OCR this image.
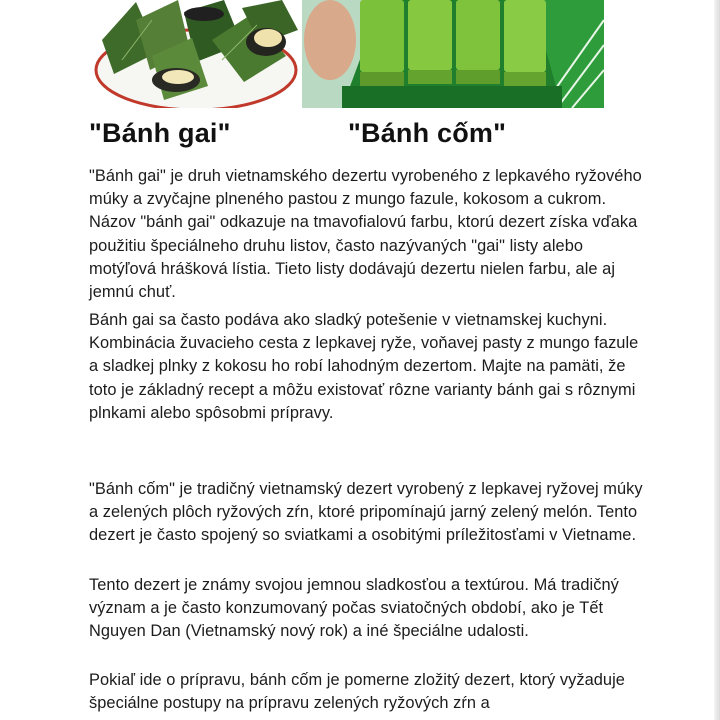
"Bánh gai"	"Bánh cốm"

"Bánh gai" je druh vietnamského dezertu vyrobeného z lepkavého ryžového múky a zvyčajne plneného pastou z mungo fazule, kokosom a cukrom. Názov "bánh gai" odkazuje na tmavofialovú farbu, ktorú dezert získa vďaka použitiu špeciálneho druhu listov, často nazývaných "gai" listy alebo motýľová hrášková lístia. Tieto listy dodávajú dezertu nielen farbu, ale aj jemnú chuť.

Bánh gai sa často podáva ako sladký potešenie v vietnamskej kuchyni. Kombinácia žuvacieho cesta z lepkavej ryže, voňavej pasty z mungo fazule a sladkej plnky z kokosu ho robí lahodným dezertom. Majte na pamäti, že toto je základný recept a môžu existovať rôzne varianty bánh gai s rôznymi plnkami alebo spôsobmi prípravy.

"Bánh cốm" je tradičný vietnamský dezert vyrobený z lepkavej ryžovej múky a zelených plôch ryžových zŕn, ktoré pripomínajú jarný zelený melón. Tento dezert je často spojený so sviatkami a osobitými príležitosťami v Vietname.

Tento dezert je známy svojou jemnou sladkosťou a textúrou. Má tradičný význam a je často konzumovaný počas sviatočných období, ako je Tết Nguyen Dan (Vietnamský nový rok) a iné špeciálne udalosti.

Pokiaľ ide o prípravu, bánh cốm je pomerne zložitý dezert, ktorý vyžaduje špeciálne postupy na prípravu zelených ryžových zŕn a
